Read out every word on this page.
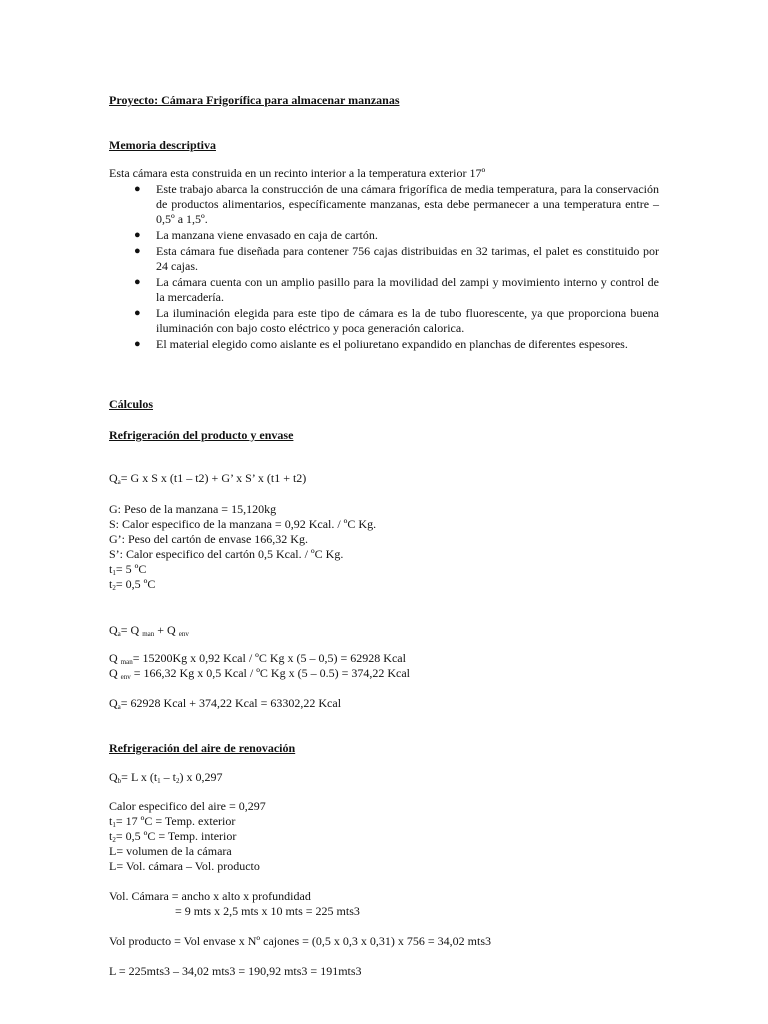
Proyecto: Cámara Frigorífica para almacenar manzanas
Memoria descriptiva
Esta cámara esta construida en un recinto interior a la temperatura exterior 17º
● Este trabajo abarca la construcción de una cámara frigorífica de media temperatura, para la conservación de productos alimentarios, específicamente manzanas, esta debe permanecer a una temperatura entre – 0,5º a 1,5º.
● La manzana viene envasado en caja de cartón.
● Esta cámara fue diseñada para contener 756 cajas distribuidas en 32 tarimas, el palet es constituido por 24 cajas.
● La cámara cuenta con un amplio pasillo para la movilidad del zampi y movimiento interno y control de la mercadería.
● La iluminación elegida para este tipo de cámara es la de tubo fluorescente, ya que proporciona buena iluminación con bajo costo eléctrico y poca generación calorica.
● El material elegido como aislante es el poliuretano expandido en planchas de diferentes espesores.
Cálculos
Refrigeración del producto y envase
$Q_a= G$ x S x (t1 – t2) + G’ x S’ x (t1 + t2)
G: Peso de la manzana = 15,120kg
S: Calor especifico de la manzana = 0,92 Kcal. / ºC Kg.
G’: Peso del cartón de envase 166,32 Kg.
S’: Calor especifico del cartón 0,5 Kcal. / ºC Kg.
$t_1= 5$ ºC
$t_2= 0,5$ ºC
$Q_a= Q$ $_{man}$ + Q $_{env}$
Q $_{man}$= 15200Kg x 0,92 Kcal / ºC Kg x (5 – 0,5) = 62928 Kcal
Q $_{env}$ = 166,32 Kg x 0,5 Kcal / ºC Kg x (5 – 0.5) = 374,22 Kcal
$Q_a= 62928$ Kcal + 374,22 Kcal = 63302,22 Kcal
Refrigeración del aire de renovación
$Q_b= L$ x $(t_1 - t_2)$ x 0,297
Calor especifico del aire = 0,297
$t_1= 17$ ºC = Temp. exterior
$t_2= 0,5$ ºC = Temp. interior
L= volumen de la cámara
L= Vol. cámara – Vol. producto
Vol. Cámara = ancho x alto x profundidad
= 9 mts x 2,5 mts x 10 mts = 225 mts3
Vol producto = Vol envase x Nº cajones = (0,5 x 0,3 x 0,31) x 756 = 34,02 mts3
L = 225mts3 – 34,02 mts3 = 190,92 mts3 = 191mts3
